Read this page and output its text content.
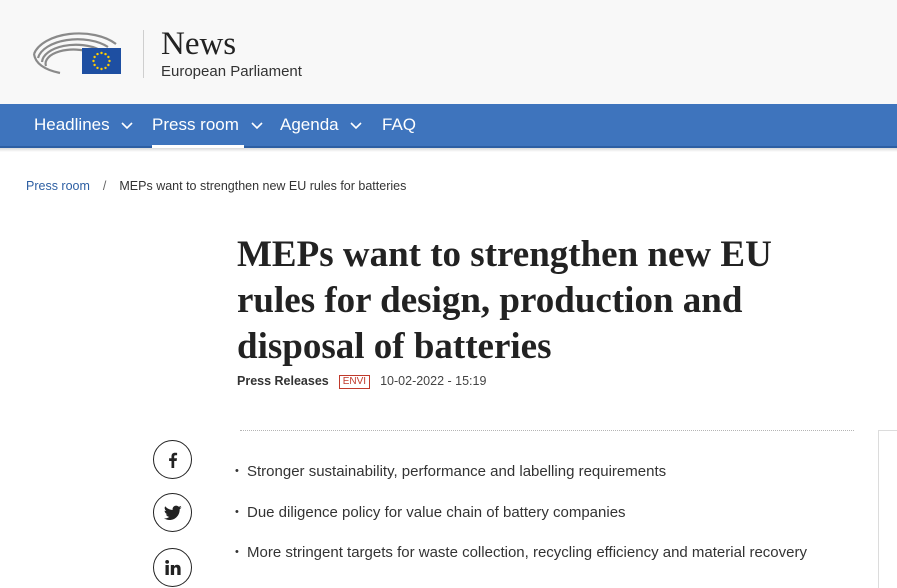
News
European Parliament
Headlines	Press room	Agenda	FAQ
Press room / MEPs want to strengthen new EU rules for batteries
MEPs want to strengthen new EU rules for design, production and disposal of batteries
Press Releases ENVI 10-02-2022 - 15:19
• Stronger sustainability, performance and labelling requirements
• Due diligence policy for value chain of battery companies
• More stringent targets for waste collection, recycling efficiency and material recovery
